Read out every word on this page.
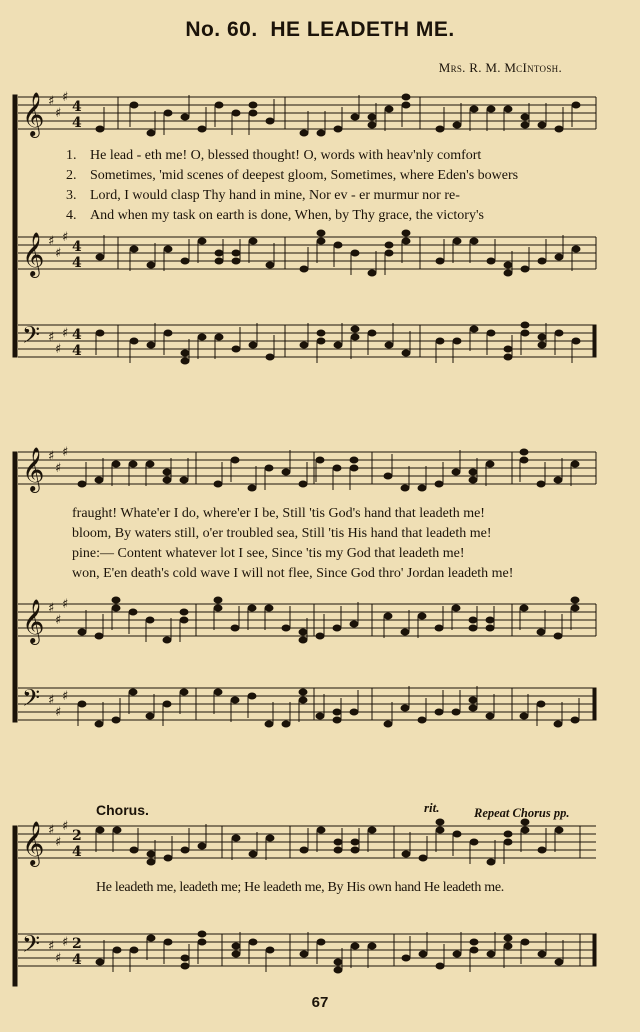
No. 60. HE LEADETH ME.
Mrs. R. M. McIntosh.
𝄞 ♯
♯
♯
4
4
𝄞 ♯
♯
♯
4
4
𝄢 ♯
♯
♯ 4
4
𝄞 ♯
♯
♯
𝄞 ♯
♯
♯
𝄢 ♯
♯
♯
𝄞 ♯
♯
♯
2
4
𝄢 ♯
♯
♯ 2
4
1. He lead - eth me! O, blessed thought! O, words with heav'nly comfort
2. Sometimes, 'mid scenes of deepest gloom, Sometimes, where Eden's bowers
3. Lord, I would clasp Thy hand in mine, Nor ev - er murmur nor re-
4. And when my task on earth is done, When, by Thy grace, the victory's
fraught! Whate'er I do, where'er I be, Still 'tis God's hand that leadeth me!
bloom, By waters still, o'er troubled sea, Still 'tis His hand that leadeth me!
pine:— Content whatever lot I see, Since 'tis my God that leadeth me!
won, E'en death's cold wave I will not flee, Since God thro' Jordan leadeth me!
Chorus.	rit.	Repeat Chorus pp.
He leadeth me, leadeth me; He leadeth me, By His own hand He leadeth me.
67
